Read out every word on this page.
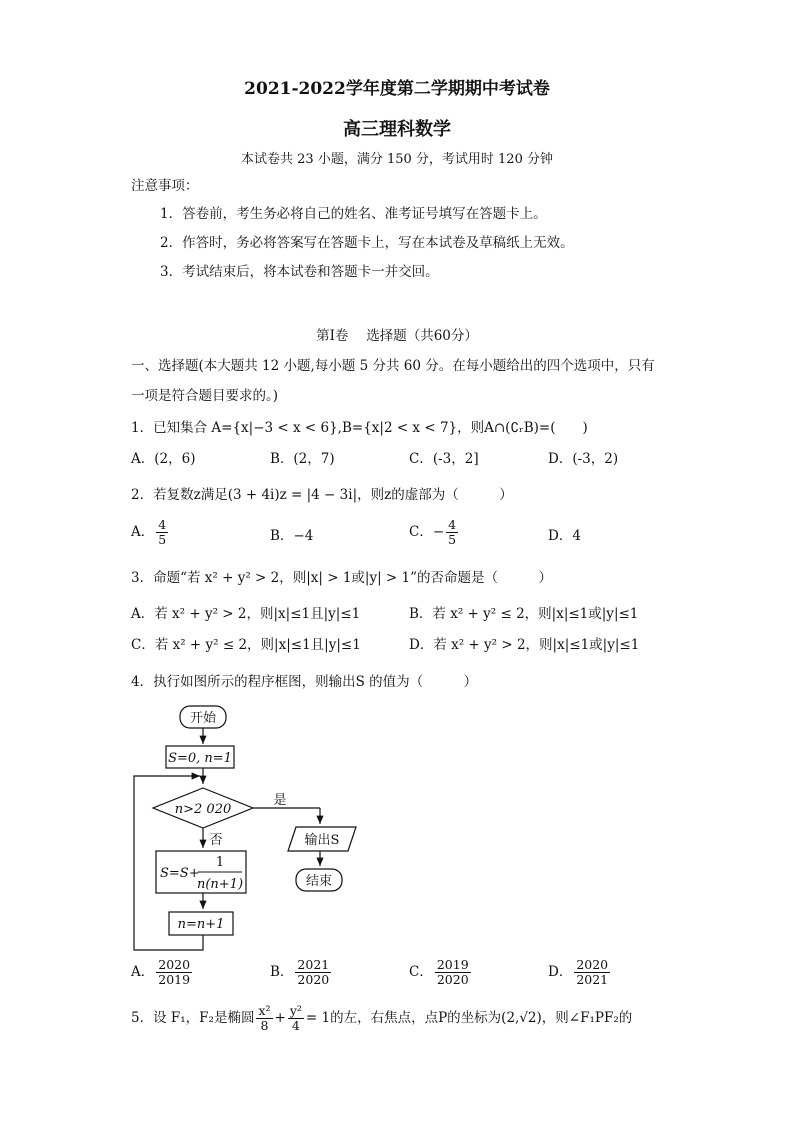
2021-2022学年度第二学期期中考试卷
高三理科数学
本试卷共 23 小题，满分 150 分，考试用时 120 分钟
注意事项：
1．答卷前，考生务必将自己的姓名、准考证号填写在答题卡上。
2．作答时，务必将答案写在答题卡上，写在本试卷及草稿纸上无效。
3．考试结束后，将本试卷和答题卡一并交回。
第Ⅰ卷　 选择题（共60分）
一、选择题(本大题共 12 小题,每小题 5 分共 60 分。在每小题给出的四个选项中，只有
一项是符合题目要求的。)
1．已知集合 A={x|−3 < x < 6},B={x|2 < x < 7}，则A∩(∁ᵣB)=(　　)
A．(2，6)	B．(2，7)	C．(-3，2]	D．(-3，2)
2．若复数z满足(3 + 4i)z = |4 − 3i|，则z的虚部为（　　　）
A． $\frac{4}{5}$	B．−4	C．− $\frac{4}{5}$	D．4
3．命题“若 x² + y² > 2，则|x| > 1或|y| > 1”的否命题是（　　　）
A．若 x² + y² > 2，则|x|≤1且|y|≤1	B．若 x² + y² ≤ 2，则|x|≤1或|y|≤1
C．若 x² + y² ≤ 2，则|x|≤1且|y|≤1	D．若 x² + y² > 2，则|x|≤1或|y|≤1
4．执行如图所示的程序框图，则输出S 的值为（　　　）
开始
S=0, n=1
n>2 020
是
否
S=S+
1
n(n+1)
n=n+1
输出S
结束
A． $\frac{2020}{2019}$	B． $\frac{2021}{2020}$	C． $\frac{2019}{2020}$	D． $\frac{2020}{2021}$
5．设 F₁，F₂是椭圆 $\frac{\text{x²}}{8} + \frac{\text{y²}}{4} = 1$的左，右焦点，点P的坐标为(2,√2)，则∠F₁PF₂的
